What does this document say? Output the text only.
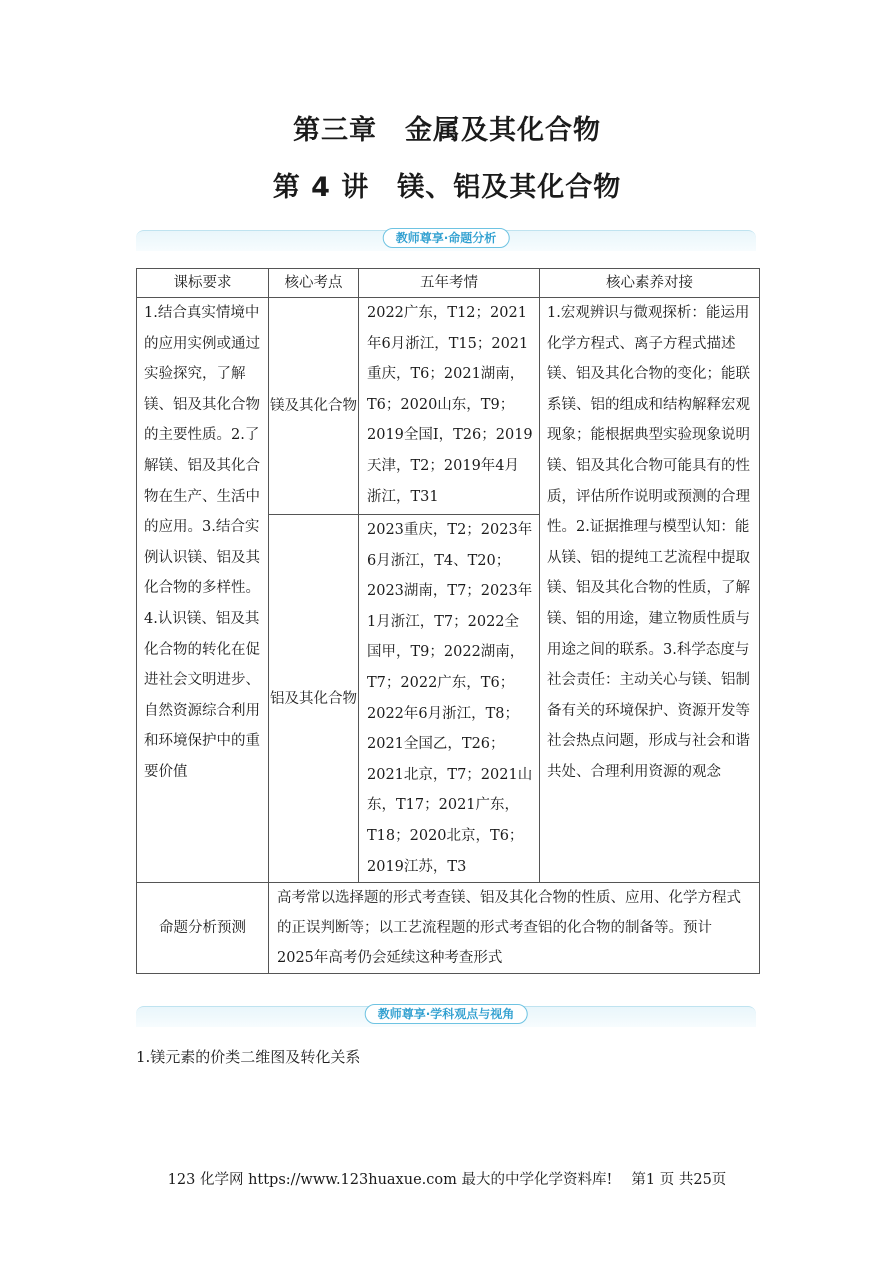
第三章　金属及其化合物
第 4 讲　镁、铝及其化合物
教师尊享·命题分析
课标要求	核心考点	五年考情	核心素养对接
1.结合真实情境中的应用实例或通过实验探究，了解镁、铝及其化合物的主要性质。2.了解镁、铝及其化合物在生产、生活中的应用。3.结合实例认识镁、铝及其化合物的多样性。4.认识镁、铝及其化合物的转化在促进社会文明进步、自然资源综合利用和环境保护中的重要价值	镁及其化合物	2022广东，T12；2021年6月浙江，T15；2021重庆，T6；2021湖南，T6；2020山东，T9；2019全国Ⅰ，T26；2019天津，T2；2019年4月浙江，T31	1.宏观辨识与微观探析：能运用化学方程式、离子方程式描述镁、铝及其化合物的变化；能联系镁、铝的组成和结构解释宏观现象；能根据典型实验现象说明镁、铝及其化合物可能具有的性质，评估所作说明或预测的合理性。2.证据推理与模型认知：能从镁、铝的提纯工艺流程中提取镁、铝及其化合物的性质，了解镁、铝的用途，建立物质性质与用途之间的联系。3.科学态度与社会责任：主动关心与镁、铝制备有关的环境保护、资源开发等社会热点问题，形成与社会和谐共处、合理利用资源的观念
	铝及其化合物	2023重庆，T2；2023年6月浙江，T4、T20；2023湖南，T7；2023年1月浙江，T7；2022全国甲，T9；2022湖南，T7；2022广东，T6；2022年6月浙江，T8；2021全国乙，T26；2021北京，T7；2021山东，T17；2021广东，T18；2020北京，T6；2019江苏，T3	
命题分析预测	高考常以选择题的形式考查镁、铝及其化合物的性质、应用、化学方程式的正误判断等；以工艺流程题的形式考查铝的化合物的制备等。预计 2025年高考仍会延续这种考查形式		
教师尊享·学科观点与视角
1.镁元素的价类二维图及转化关系
123 化学网 https://www.123huaxue.com 最大的中学化学资料库!　 第1 页 共25页
